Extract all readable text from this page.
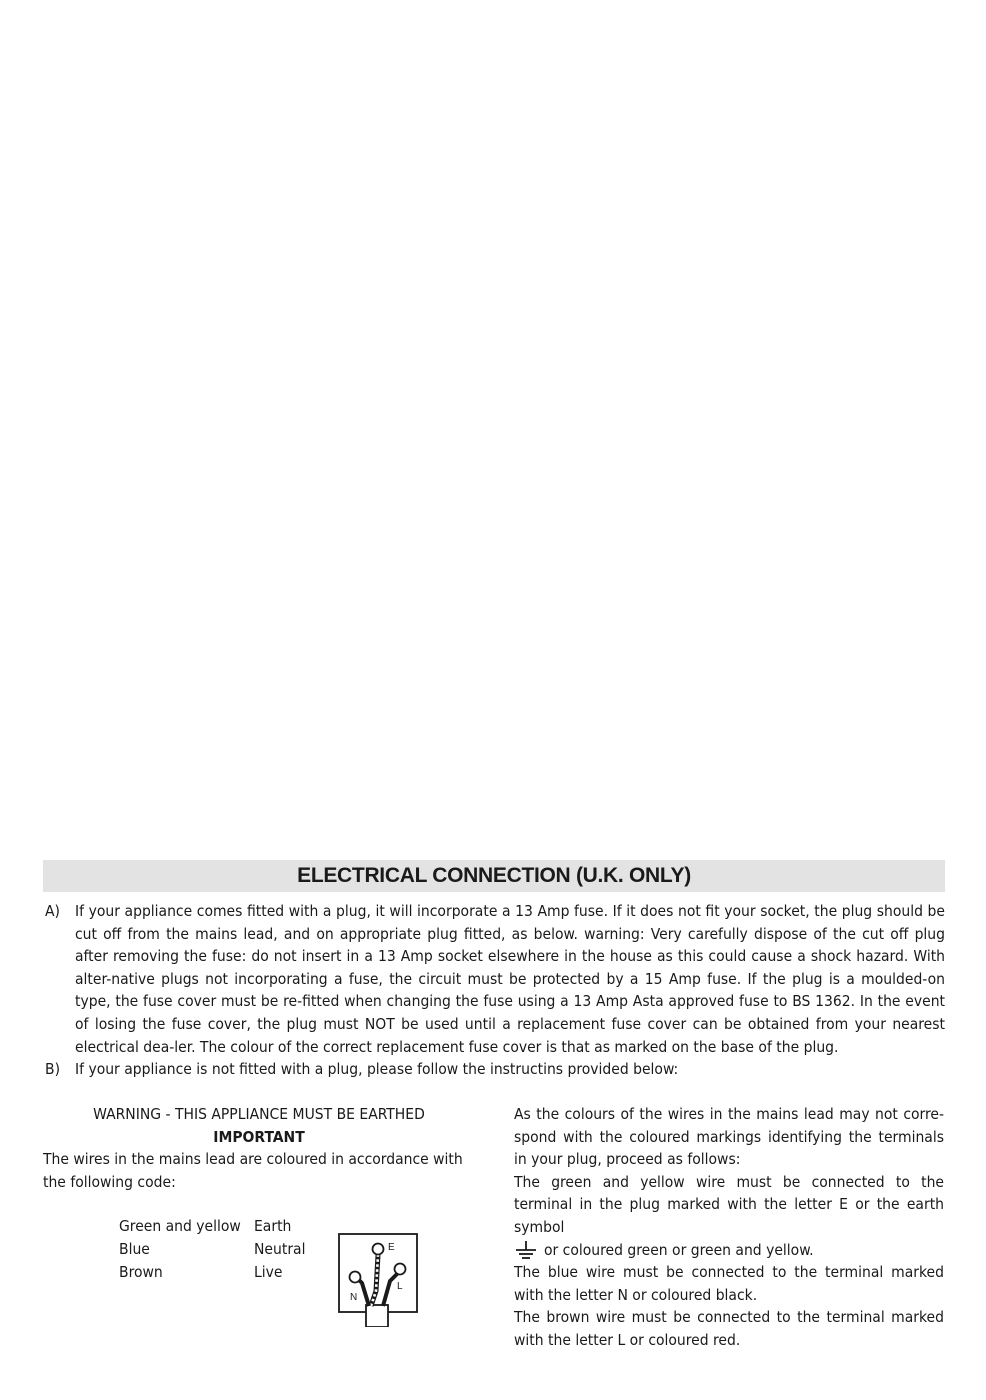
ELECTRICAL CONNECTION (U.K. ONLY)
A) If your appliance comes fitted with a plug, it will incorporate a 13 Amp fuse. If it does not fit your socket, the plug should be cut off from the mains lead, and on appropriate plug fitted, as below. warning: Very carefully dispose of the cut off plug after removing the fuse: do not insert in a 13 Amp socket elsewhere in the house as this could cause a shock hazard. With alter-native plugs not incorporating a fuse, the circuit must be protected by a 15 Amp fuse. If the plug is a moulded-on type, the fuse cover must be re-fitted when changing the fuse using a 13 Amp Asta approved fuse to BS 1362. In the event of losing the fuse cover, the plug must NOT be used until a replacement fuse cover can be obtained from your nearest electrical dea-ler. The colour of the correct replacement fuse cover is that as marked on the base of the plug.
B) If your appliance is not fitted with a plug, please follow the instructins provided below:
WARNING - THIS APPLIANCE MUST BE EARTHED
IMPORTANT
The wires in the mains lead are coloured in accordance with the following code:
Green and yellow	Earth
Blue	Neutral
Brown	Live
E
L
N

As the colours of the wires in the mains lead may not corre-spond with the coloured markings identifying the terminals in your plug, proceed as follows:

The green and yellow wire must be connected to the terminal in the plug marked with the letter E or the earth symbol

or coloured green or green and yellow.

The blue wire must be connected to the terminal marked with the letter N or coloured black.

The brown wire must be connected to the terminal marked with the letter L or coloured red.
